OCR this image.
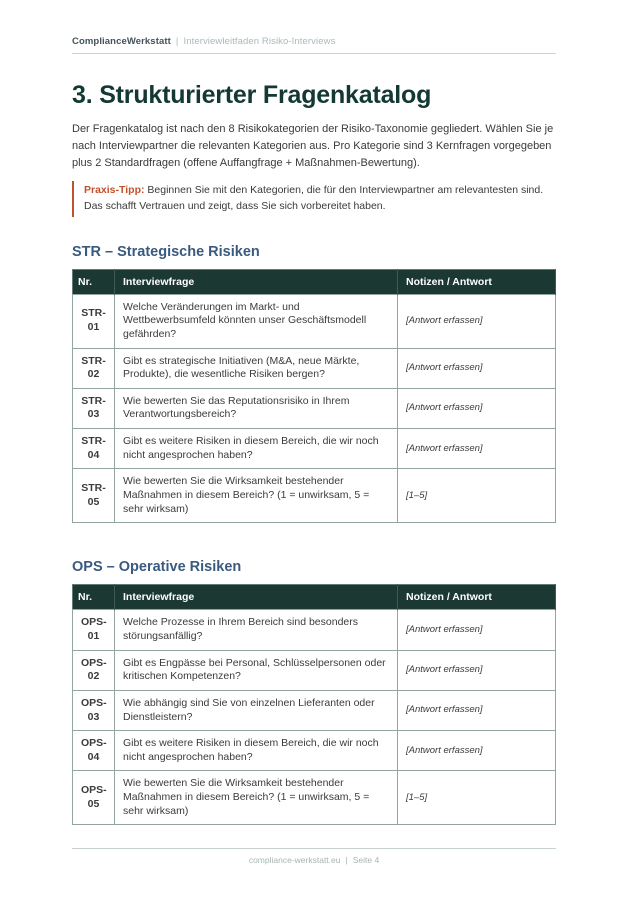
ComplianceWerkstatt | Interviewleitfaden Risiko-Interviews
3. Strukturierter Fragenkatalog

Der Fragenkatalog ist nach den 8 Risikokategorien der Risiko-Taxonomie gegliedert. Wählen Sie je nach Interviewpartner die relevanten Kategorien aus. Pro Kategorie sind 3 Kernfragen vorgegeben plus 2 Standardfragen (offene Auffangfrage + Maßnahmen-Bewertung).

Praxis-Tipp: Beginnen Sie mit den Kategorien, die für den Interviewpartner am relevantesten sind. Das schafft Vertrauen und zeigt, dass Sie sich vorbereitet haben.
STR – Strategische Risiken
Nr.	Interviewfrage	Notizen / Antwort
STR-01	Welche Veränderungen im Markt- und Wettbewerbsumfeld könnten unser Geschäftsmodell gefährden?	[Antwort erfassen]
STR-02	Gibt es strategische Initiativen (M&A, neue Märkte, Produkte), die wesentliche Risiken bergen?	[Antwort erfassen]
STR-03	Wie bewerten Sie das Reputationsrisiko in Ihrem Verantwortungsbereich?	[Antwort erfassen]
STR-04	Gibt es weitere Risiken in diesem Bereich, die wir noch nicht angesprochen haben?	[Antwort erfassen]
STR-05	Wie bewerten Sie die Wirksamkeit bestehender Maßnahmen in diesem Bereich? (1 = unwirksam, 5 = sehr wirksam)	[1–5]
OPS – Operative Risiken
Nr.	Interviewfrage	Notizen / Antwort
OPS-01	Welche Prozesse in Ihrem Bereich sind besonders störungsanfällig?	[Antwort erfassen]
OPS-02	Gibt es Engpässe bei Personal, Schlüsselpersonen oder kritischen Kompetenzen?	[Antwort erfassen]
OPS-03	Wie abhängig sind Sie von einzelnen Lieferanten oder Dienstleistern?	[Antwort erfassen]
OPS-04	Gibt es weitere Risiken in diesem Bereich, die wir noch nicht angesprochen haben?	[Antwort erfassen]
OPS-05	Wie bewerten Sie die Wirksamkeit bestehender Maßnahmen in diesem Bereich? (1 = unwirksam, 5 = sehr wirksam)	[1–5]
compliance-werkstatt.eu | Seite 4
